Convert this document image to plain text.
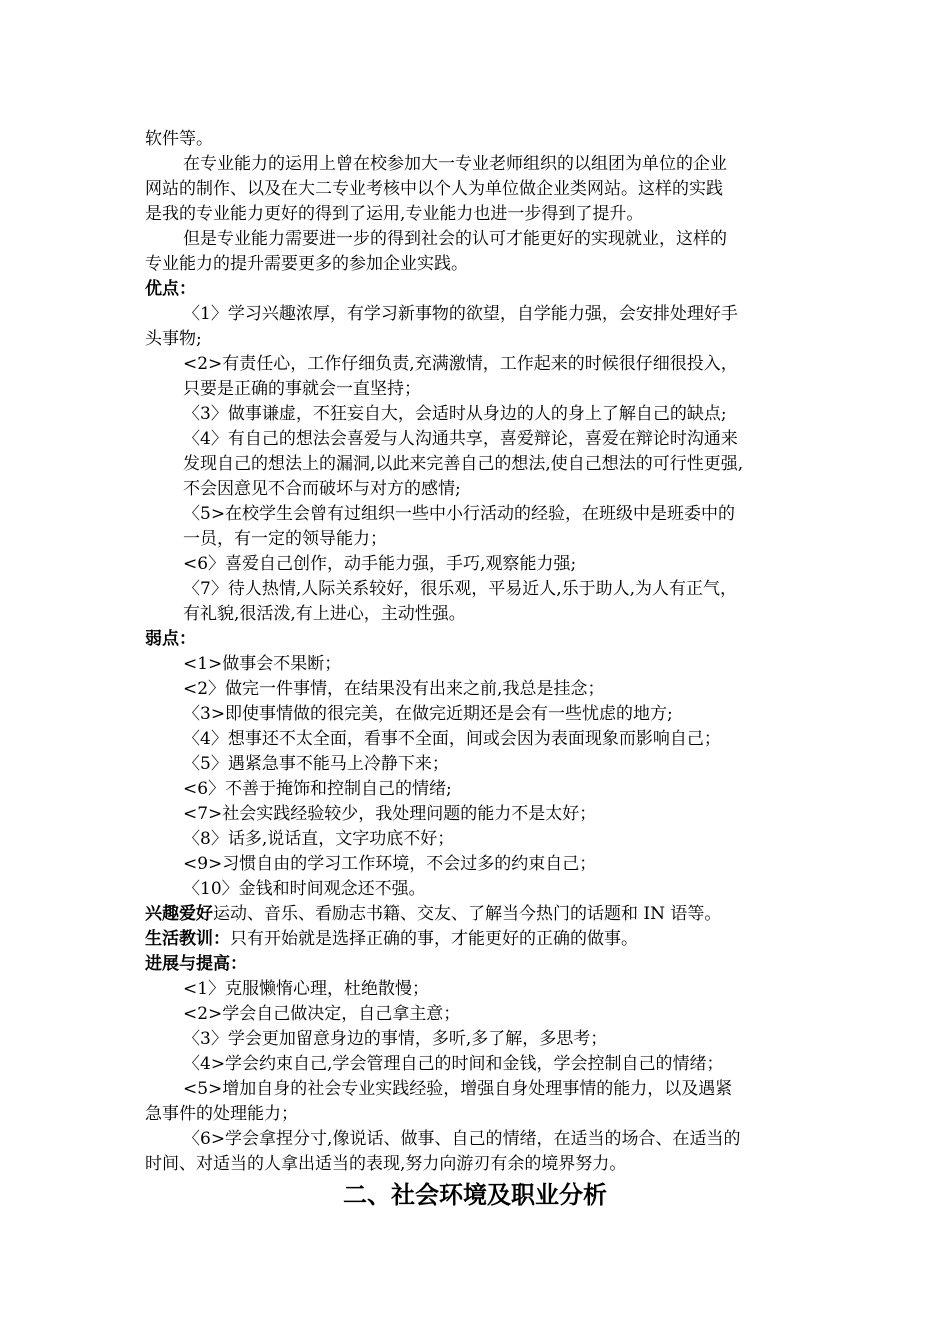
软件等。
在专业能力的运用上曾在校参加大一专业老师组织的以组团为单位的企业
网站的制作、以及在大二专业考核中以个人为单位做企业类网站。这样的实践
是我的专业能力更好的得到了运用,专业能力也进一步得到了提升。
但是专业能力需要进一步的得到社会的认可才能更好的实现就业，这样的
专业能力的提升需要更多的参加企业实践。
优点：
〈1〉学习兴趣浓厚，有学习新事物的欲望，自学能力强，会安排处理好手
头事物;
<2>有责任心，工作仔细负责,充满激情，工作起来的时候很仔细很投入，
只要是正确的事就会一直坚持；
〈3〉做事谦虚，不狂妄自大，会适时从身边的人的身上了解自己的缺点;
〈4〉有自己的想法会喜爱与人沟通共享，喜爱辩论，喜爱在辩论时沟通来
发现自己的想法上的漏洞,以此来完善自己的想法,使自己想法的可行性更强,
不会因意见不合而破坏与对方的感情;
〈5>在校学生会曾有过组织一些中小行活动的经验，在班级中是班委中的
一员，有一定的领导能力；
<6〉喜爱自己创作，动手能力强，手巧,观察能力强;
〈7〉待人热情,人际关系较好，很乐观，平易近人,乐于助人,为人有正气，
有礼貌,很活泼,有上进心，主动性强。
弱点：
<1>做事会不果断；
<2〉做完一件事情，在结果没有出来之前,我总是挂念；
〈3>即使事情做的很完美，在做完近期还是会有一些忧虑的地方;
〈4〉想事还不太全面，看事不全面，间或会因为表面现象而影响自己；
〈5〉遇紧急事不能马上冷静下来；
<6〉不善于掩饰和控制自己的情绪;
<7>社会实践经验较少，我处理问题的能力不是太好；
〈8〉话多,说话直，文字功底不好；
<9>习惯自由的学习工作环境，不会过多的约束自己；
〈10〉金钱和时间观念还不强。
兴趣爱好运动、音乐、看励志书籍、交友、了解当今热门的话题和 IN 语等。
生活教训：只有开始就是选择正确的事，才能更好的正确的做事。
进展与提高：
<1〉克服懒惰心理，杜绝散慢；
<2>学会自己做决定，自己拿主意；
〈3〉学会更加留意身边的事情，多听,多了解，多思考；
〈4>学会约束自己,学会管理自己的时间和金钱，学会控制自己的情绪；
<5>增加自身的社会专业实践经验，增强自身处理事情的能力，以及遇紧
急事件的处理能力；
〈6>学会拿捏分寸,像说话、做事、自己的情绪，在适当的场合、在适当的
时间、对适当的人拿出适当的表现,努力向游刃有余的境界努力。
二、社会环境及职业分析
